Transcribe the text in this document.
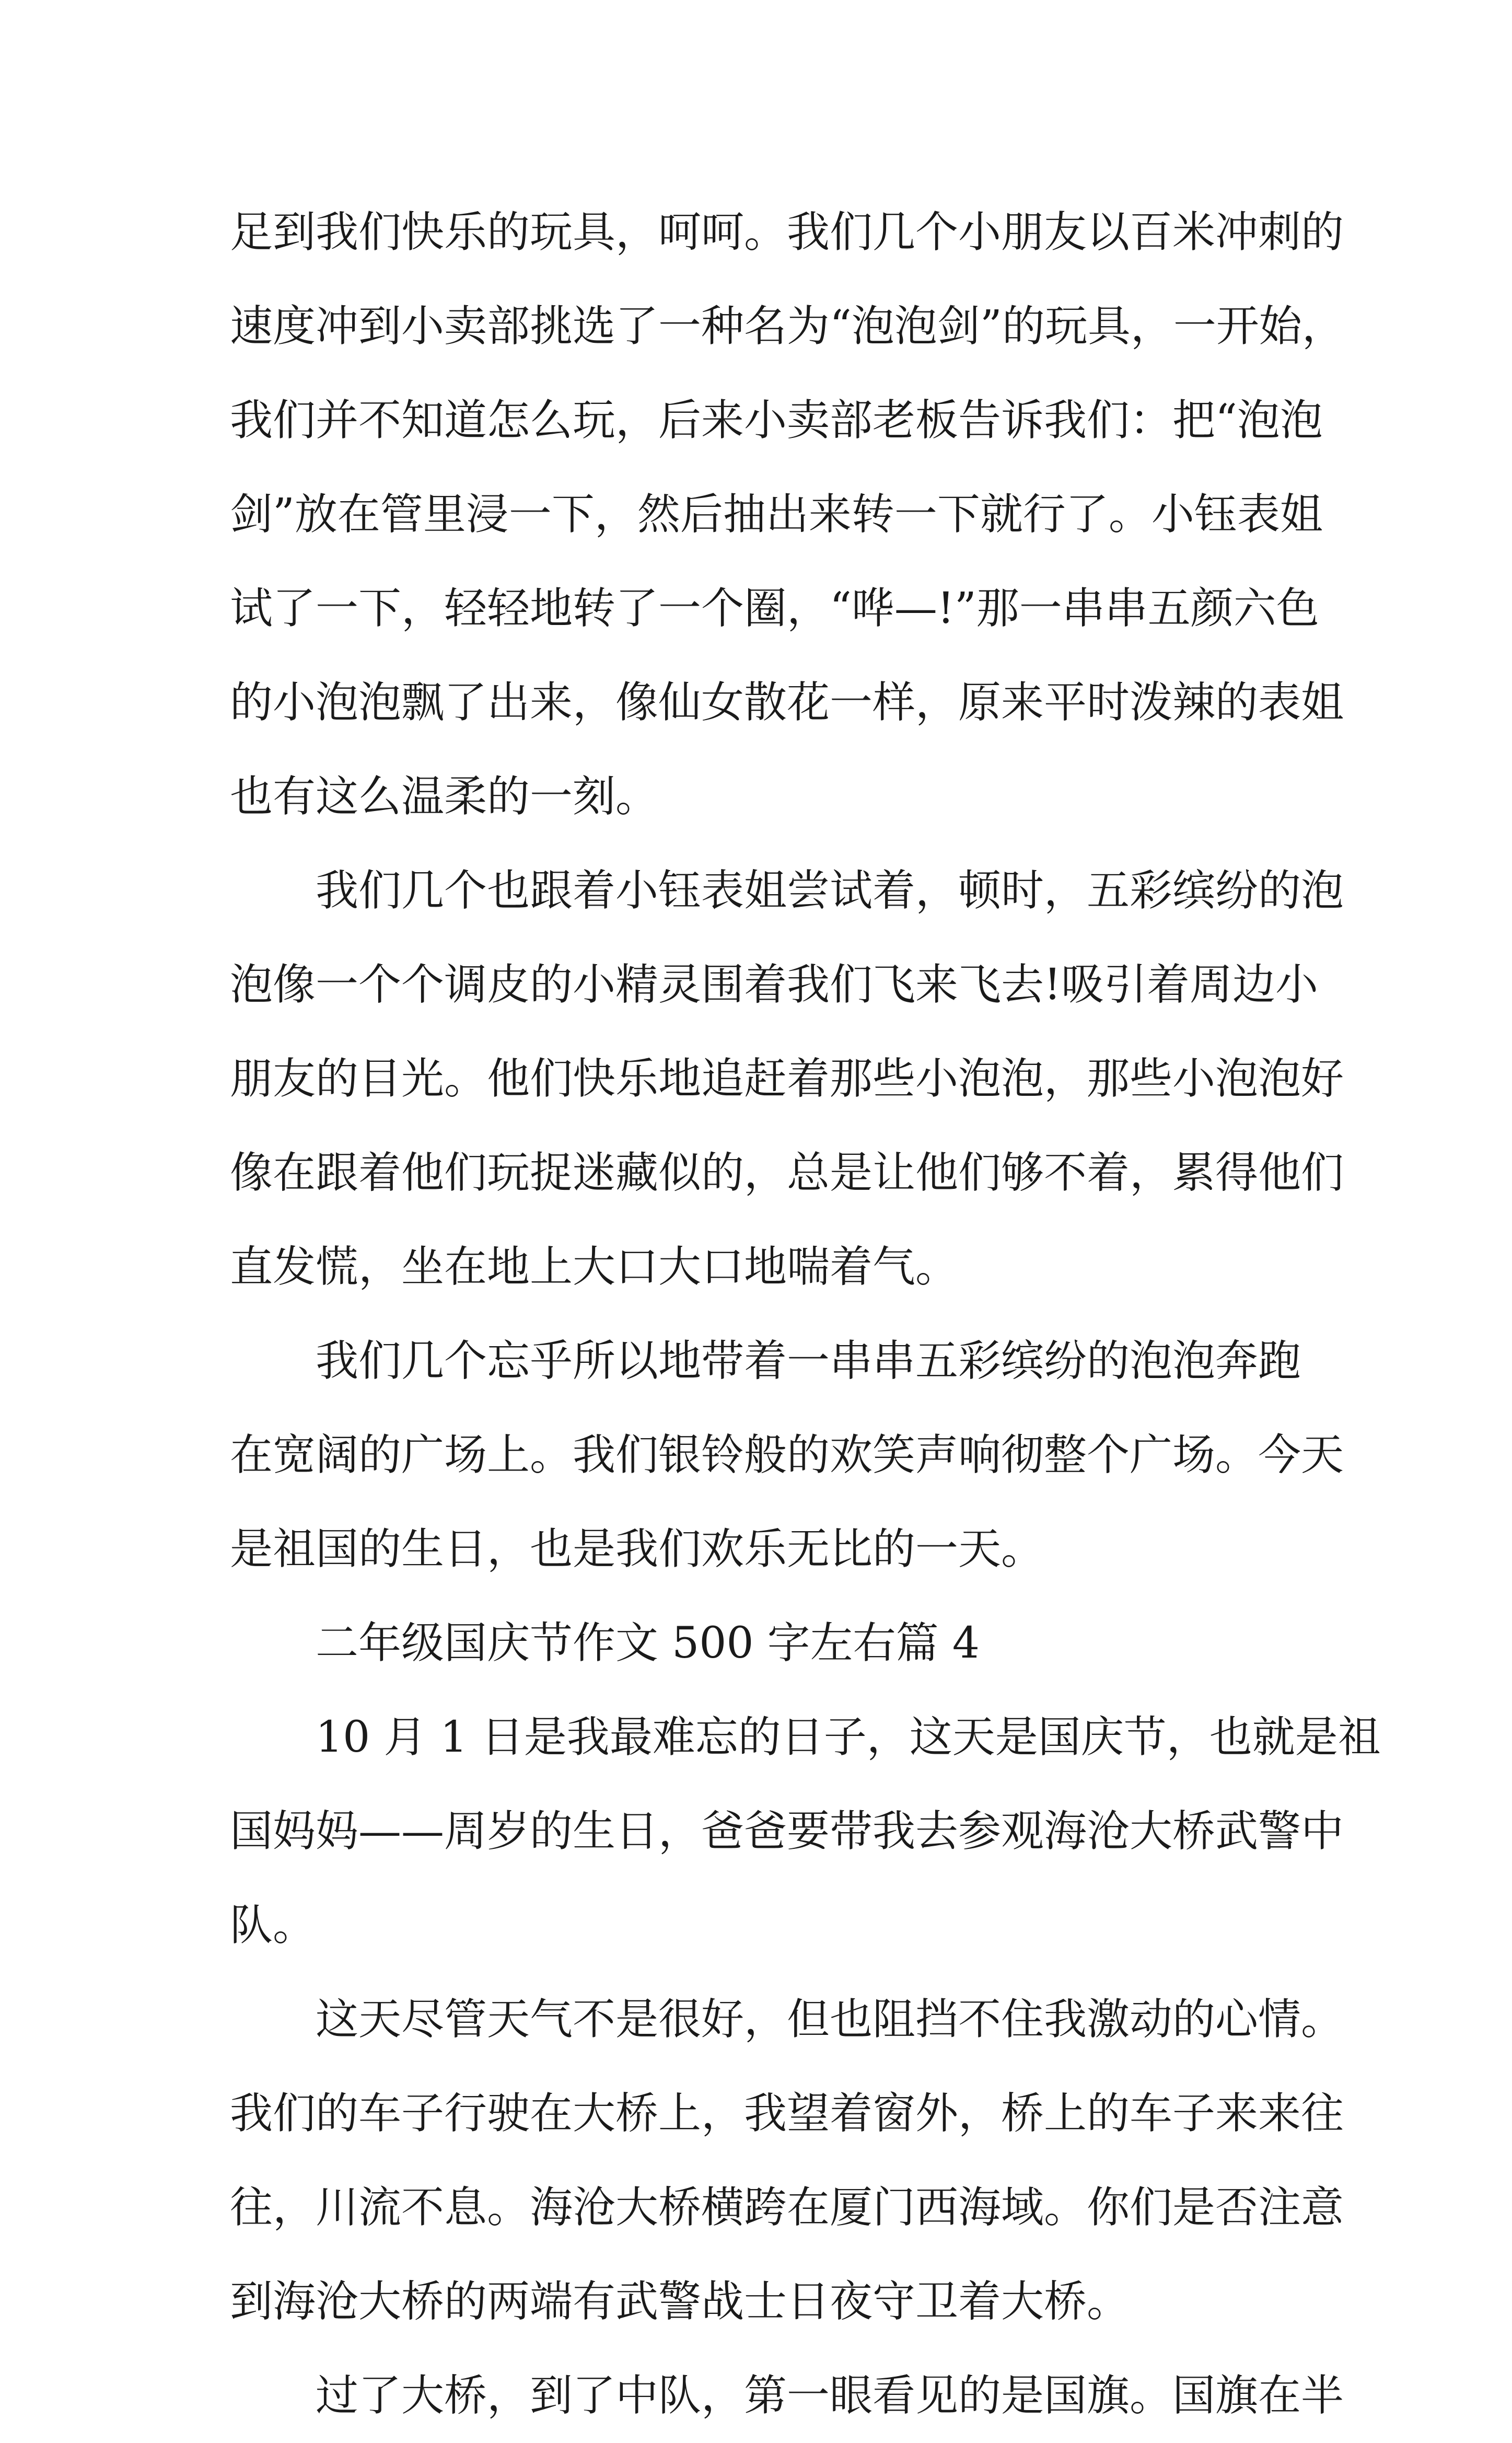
足到我们快乐的玩具，呵呵。我们几个小朋友以百米冲刺的
速度冲到小卖部挑选了一种名为“泡泡剑”的玩具，一开始，
我们并不知道怎么玩，后来小卖部老板告诉我们：把“泡泡
剑”放在管里浸一下，然后抽出来转一下就行了。小钰表姐
试了一下，轻轻地转了一个圈，“哗—!”那一串串五颜六色
的小泡泡飘了出来，像仙女散花一样，原来平时泼辣的表姐
也有这么温柔的一刻。
我们几个也跟着小钰表姐尝试着，顿时，五彩缤纷的泡
泡像一个个调皮的小精灵围着我们飞来飞去!吸引着周边小
朋友的目光。他们快乐地追赶着那些小泡泡，那些小泡泡好
像在跟着他们玩捉迷藏似的，总是让他们够不着，累得他们
直发慌，坐在地上大口大口地喘着气。
我们几个忘乎所以地带着一串串五彩缤纷的泡泡奔跑
在宽阔的广场上。我们银铃般的欢笑声响彻整个广场。今天
是祖国的生日，也是我们欢乐无比的一天。
二年级国庆节作文 500 字左右篇 4
10 月 1 日是我最难忘的日子，这天是国庆节，也就是祖
国妈妈——周岁的生日，爸爸要带我去参观海沧大桥武警中
队。
这天尽管天气不是很好，但也阻挡不住我激动的心情。
我们的车子行驶在大桥上，我望着窗外，桥上的车子来来往
往，川流不息。海沧大桥横跨在厦门西海域。你们是否注意
到海沧大桥的两端有武警战士日夜守卫着大桥。
过了大桥，到了中队，第一眼看见的是国旗。国旗在半
